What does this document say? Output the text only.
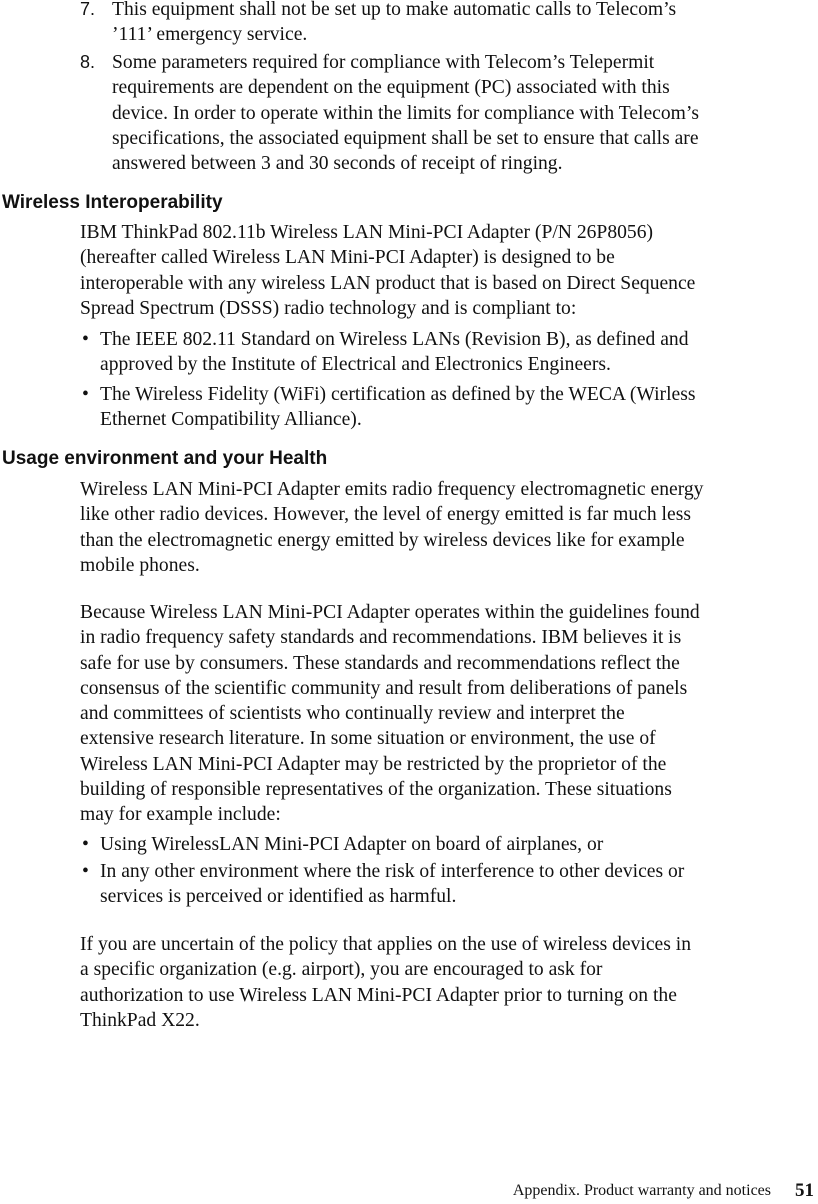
7. This equipment shall not be set up to make automatic calls to Telecom’s
’111’ emergency service.
8. Some parameters required for compliance with Telecom’s Telepermit
requirements are dependent on the equipment (PC) associated with this
device. In order to operate within the limits for compliance with Telecom’s
specifications, the associated equipment shall be set to ensure that calls are
answered between 3 and 30 seconds of receipt of ringing.
Wireless Interoperability
IBM ThinkPad 802.11b Wireless LAN Mini-PCI Adapter (P/N 26P8056)
(hereafter called Wireless LAN Mini-PCI Adapter) is designed to be
interoperable with any wireless LAN product that is based on Direct Sequence
Spread Spectrum (DSSS) radio technology and is compliant to:
• The IEEE 802.11 Standard on Wireless LANs (Revision B), as defined and
approved by the Institute of Electrical and Electronics Engineers.
• The Wireless Fidelity (WiFi) certification as defined by the WECA (Wirless
Ethernet Compatibility Alliance).
Usage environment and your Health
Wireless LAN Mini-PCI Adapter emits radio frequency electromagnetic energy
like other radio devices. However, the level of energy emitted is far much less
than the electromagnetic energy emitted by wireless devices like for example
mobile phones.
Because Wireless LAN Mini-PCI Adapter operates within the guidelines found
in radio frequency safety standards and recommendations. IBM believes it is
safe for use by consumers. These standards and recommendations reflect the
consensus of the scientific community and result from deliberations of panels
and committees of scientists who continually review and interpret the
extensive research literature. In some situation or environment, the use of
Wireless LAN Mini-PCI Adapter may be restricted by the proprietor of the
building of responsible representatives of the organization. These situations
may for example include:
• Using WirelessLAN Mini-PCI Adapter on board of airplanes, or
• In any other environment where the risk of interference to other devices or
services is perceived or identified as harmful.
If you are uncertain of the policy that applies on the use of wireless devices in
a specific organization (e.g. airport), you are encouraged to ask for
authorization to use Wireless LAN Mini-PCI Adapter prior to turning on the
ThinkPad X22.
Appendix. Product warranty and notices 51
